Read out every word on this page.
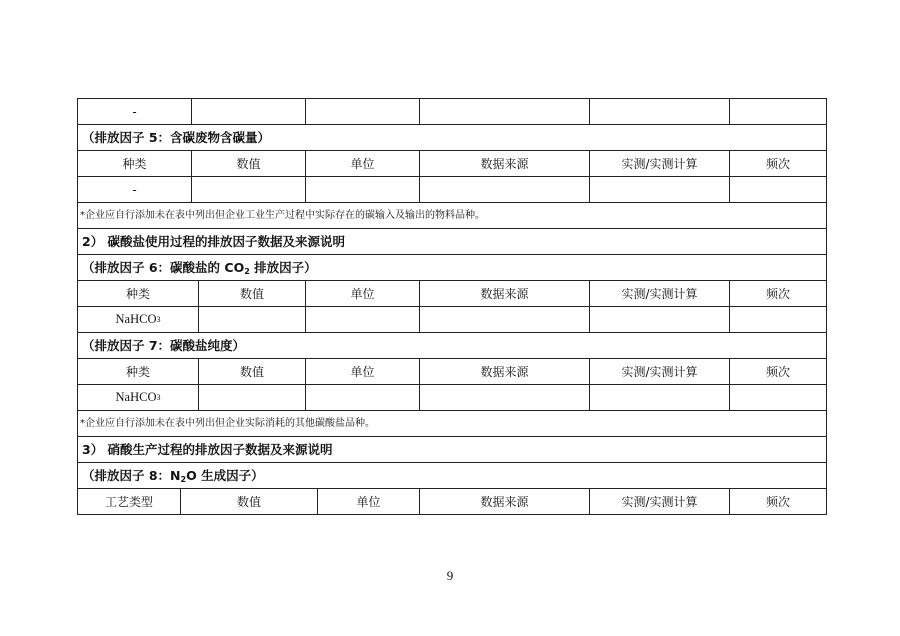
-
（排放因子 5：含碳废物含碳量）
种类	数值	单位	数据来源	实测/实测计算	频次
-
*企业应自行添加未在表中列出但企业工业生产过程中实际存在的碳输入及输出的物料品种。
2） 碳酸盐使用过程的排放因子数据及来源说明
（排放因子 6：碳酸盐的 $CO_2$ 排放因子）
种类	数值	单位	数据来源	实测/实测计算	频次
NaHCO 3
（排放因子 7：碳酸盐纯度）
种类	数值	单位	数据来源	实测/实测计算	频次
NaHCO 3
*企业应自行添加未在表中列出但企业实际消耗的其他碳酸盐品种。
3） 硝酸生产过程的排放因子数据及来源说明
（排放因子 8：$N_2O$ 生成因子）
工艺类型	数值	单位	数据来源	实测/实测计算	频次
9
